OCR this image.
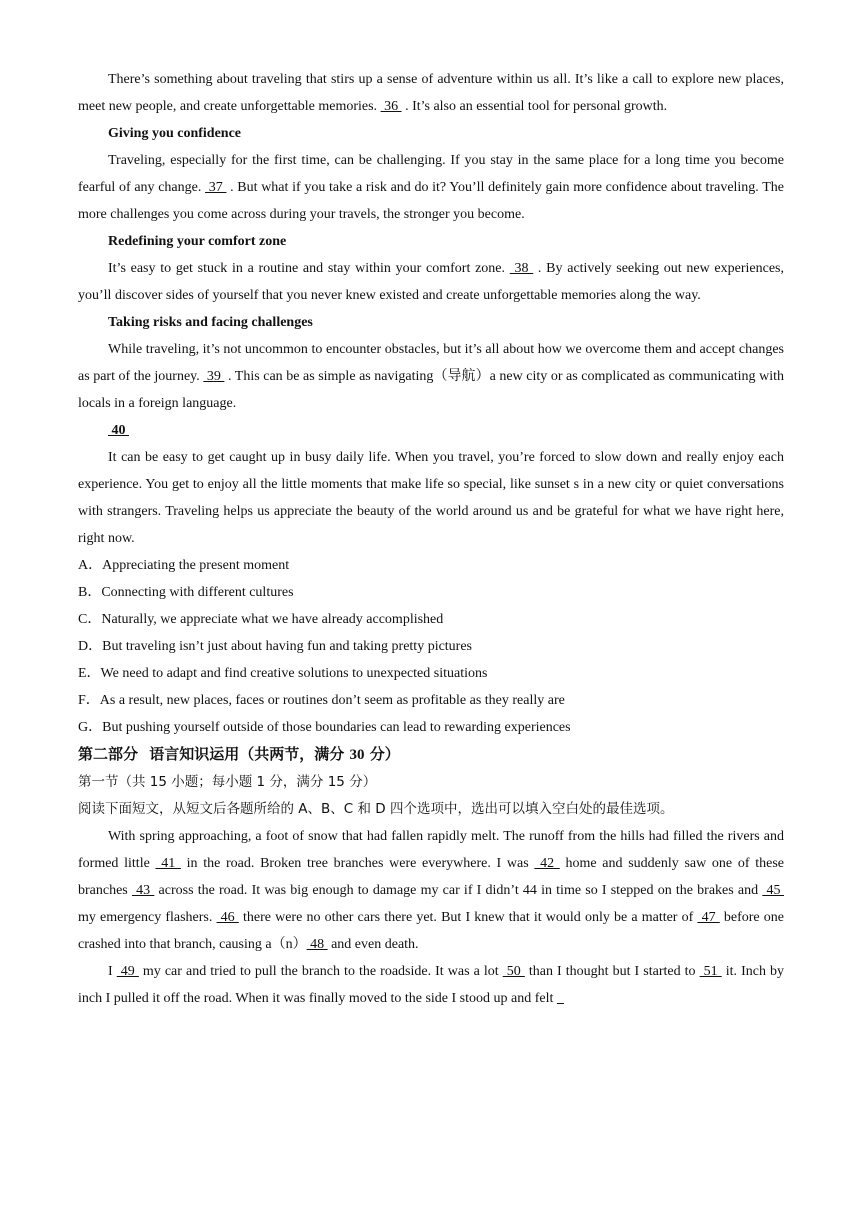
There’s something about traveling that stirs up a sense of adventure within us all. It’s like a call to explore new places, meet new people, and create unforgettable memories.  36  . It’s also an essential tool for personal growth.

Giving you confidence

Traveling, especially for the first time, can be challenging. If you stay in the same place for a long time you become fearful of any change.  37  . But what if you take a risk and do it? You’ll definitely gain more confidence about traveling. The more challenges you come across during your travels, the stronger you become.

Redefining your comfort zone

It’s easy to get stuck in a routine and stay within your comfort zone.  38  . By actively seeking out new experiences, you’ll discover sides of yourself that you never knew existed and create unforgettable memories along the way.

Taking risks and facing challenges

While traveling, it’s not uncommon to encounter obstacles, but it’s all about how we overcome them and accept changes as part of the journey.  39  . This can be as simple as navigating（导航）a new city or as complicated as communicating with locals in a foreign language.

40

It can be easy to get caught up in busy daily life. When you travel, you’re forced to slow down and really enjoy each experience. You get to enjoy all the little moments that make life so special, like sunset s in a new city or quiet conversations with strangers. Traveling helps us appreciate the beauty of the world around us and be grateful for what we have right here, right now.

A．Appreciating the present moment

B．Connecting with different cultures

C．Naturally, we appreciate what we have already accomplished

D．But traveling isn’t just about having fun and taking pretty pictures

E．We need to adapt and find creative solutions to unexpected situations

F．As a result, new places, faces or routines don’t seem as profitable as they really are

G．But pushing yourself outside of those boundaries can lead to rewarding experiences

第二部分 语言知识运用（共两节，满分 30 分）

第一节（共 15 小题；每小题 1 分，满分 15 分）

阅读下面短文，从短文后各题所给的 A、B、C 和 D 四个选项中，选出可以填入空白处的最佳选项。

With spring approaching, a foot of snow that had fallen rapidly melt. The runoff from the hills had filled the rivers and formed little  41  in the road. Broken tree branches were everywhere. I was  42  home and suddenly saw one of these branches  43  across the road. It was big enough to damage my car if I didn’t 44 in time so I stepped on the brakes and  45  my emergency flashers.  46  there were no other cars there yet. But I knew that it would only be a matter of  47  before one crashed into that branch, causing a（n） 48  and even death.

I  49  my car and tried to pull the branch to the roadside. It was a lot  50  than I thought but I started to  51  it. Inch by inch I pulled it off the road. When it was finally moved to the side I stood up and felt
